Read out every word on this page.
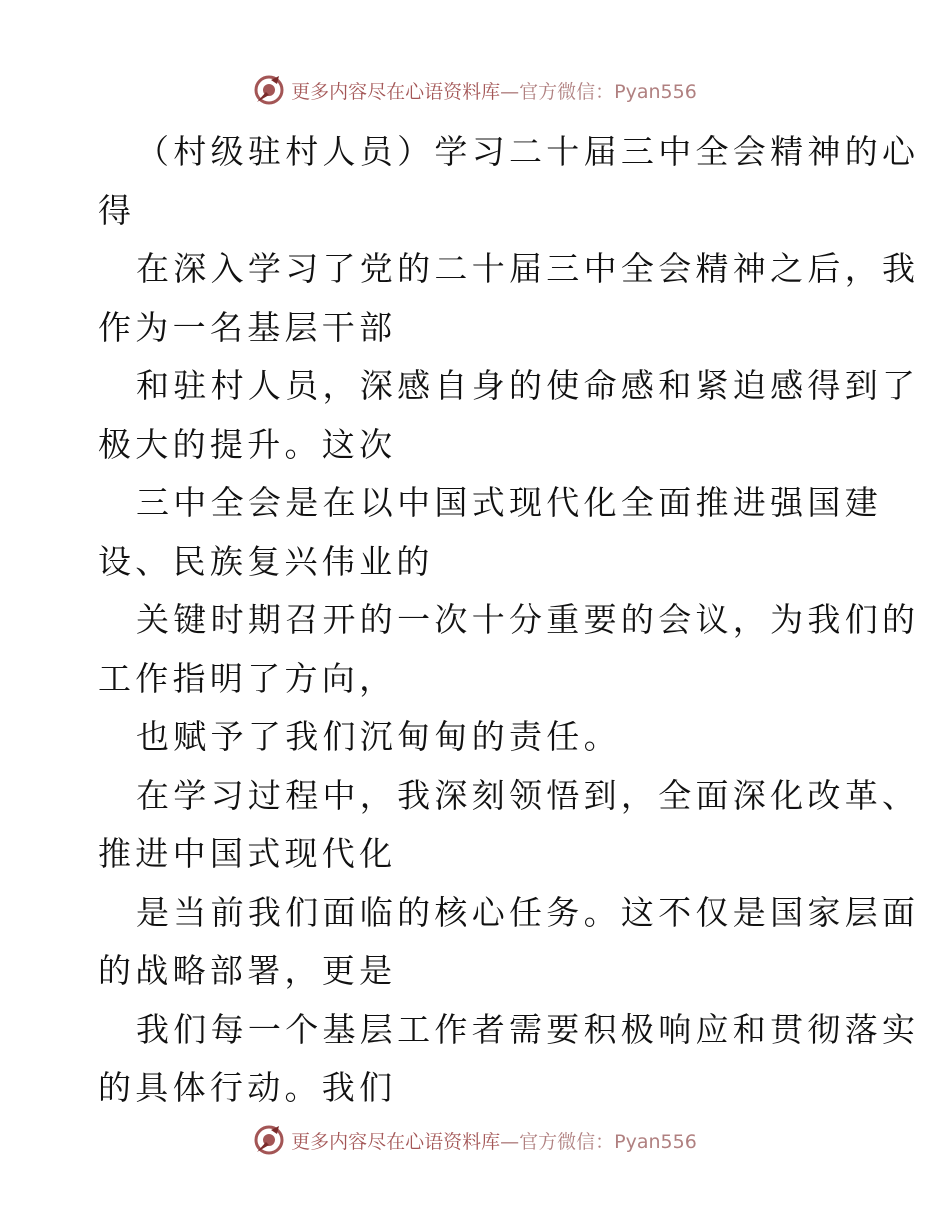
更多内容尽在心语资料库—官方微信：Pyan556
（村级驻村人员）学习二十届三中全会精神的心
得
在深入学习了党的二十届三中全会精神之后，我
作为一名基层干部
和驻村人员，深感自身的使命感和紧迫感得到了
极大的提升。这次
三中全会是在以中国式现代化全面推进强国建
设、民族复兴伟业的
关键时期召开的一次十分重要的会议，为我们的
工作指明了方向，
也赋予了我们沉甸甸的责任。
在学习过程中，我深刻领悟到，全面深化改革、
推进中国式现代化
是当前我们面临的核心任务。这不仅是国家层面
的战略部署，更是
我们每一个基层工作者需要积极响应和贯彻落实
的具体行动。我们
更多内容尽在心语资料库—官方微信：Pyan556
